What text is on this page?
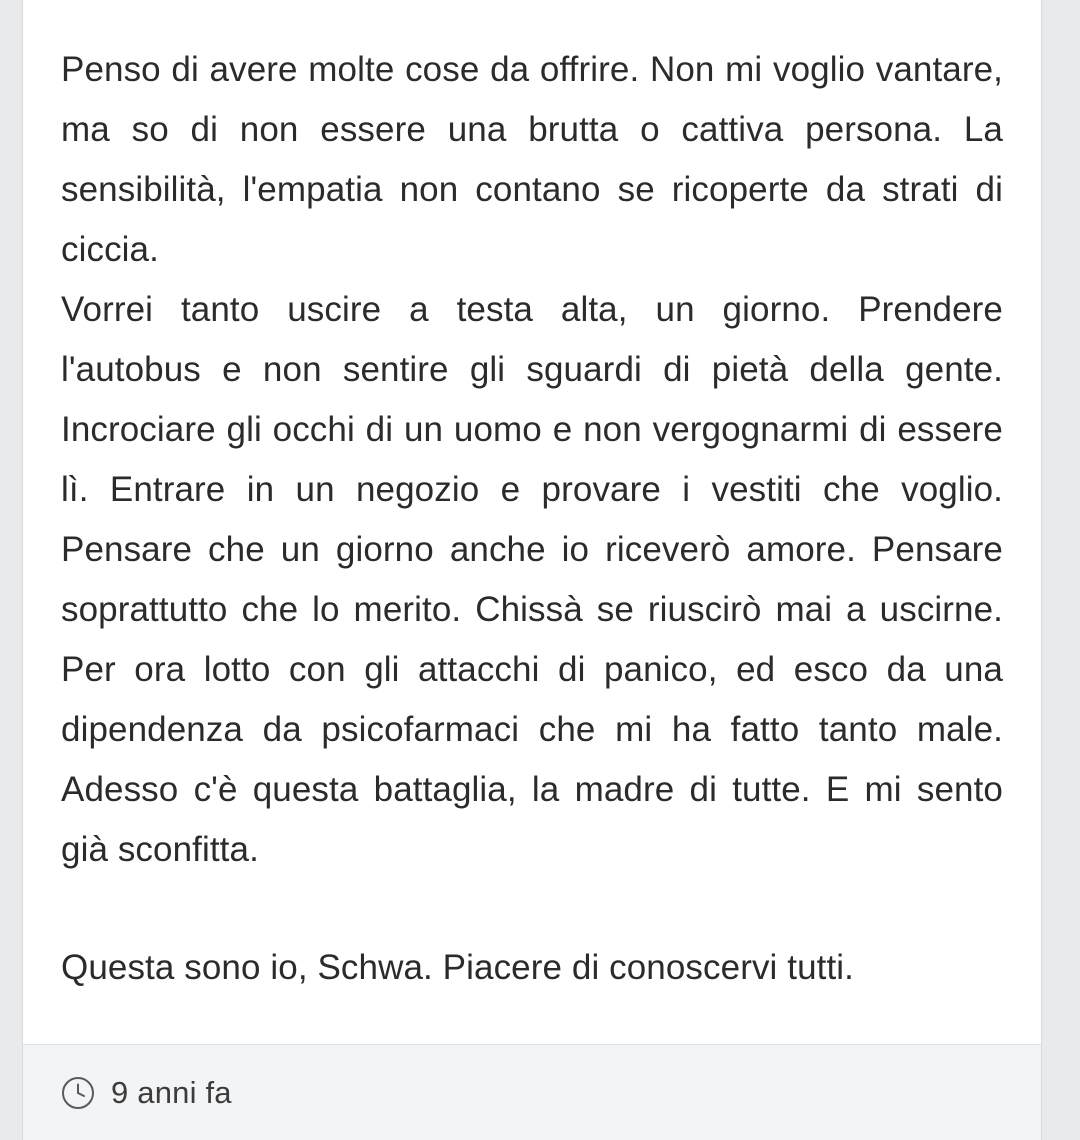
Penso di avere molte cose da offrire. Non mi voglio vantare, ma so di non essere una brutta o cattiva persona. La sensibilità, l'empatia non contano se ricoperte da strati di ciccia.

Vorrei tanto uscire a testa alta, un giorno. Prendere l'autobus e non sentire gli sguardi di pietà della gente. Incrociare gli occhi di un uomo e non vergognarmi di essere lì. Entrare in un negozio e provare i vestiti che voglio. Pensare che un giorno anche io riceverò amore. Pensare soprattutto che lo merito. Chissà se riuscirò mai a uscirne. Per ora lotto con gli attacchi di panico, ed esco da una dipendenza da psicofarmaci che mi ha fatto tanto male. Adesso c'è questa battaglia, la madre di tutte. E mi sento già sconfitta.

Questa sono io, Schwa. Piacere di conoscervi tutti.

9 anni fa
